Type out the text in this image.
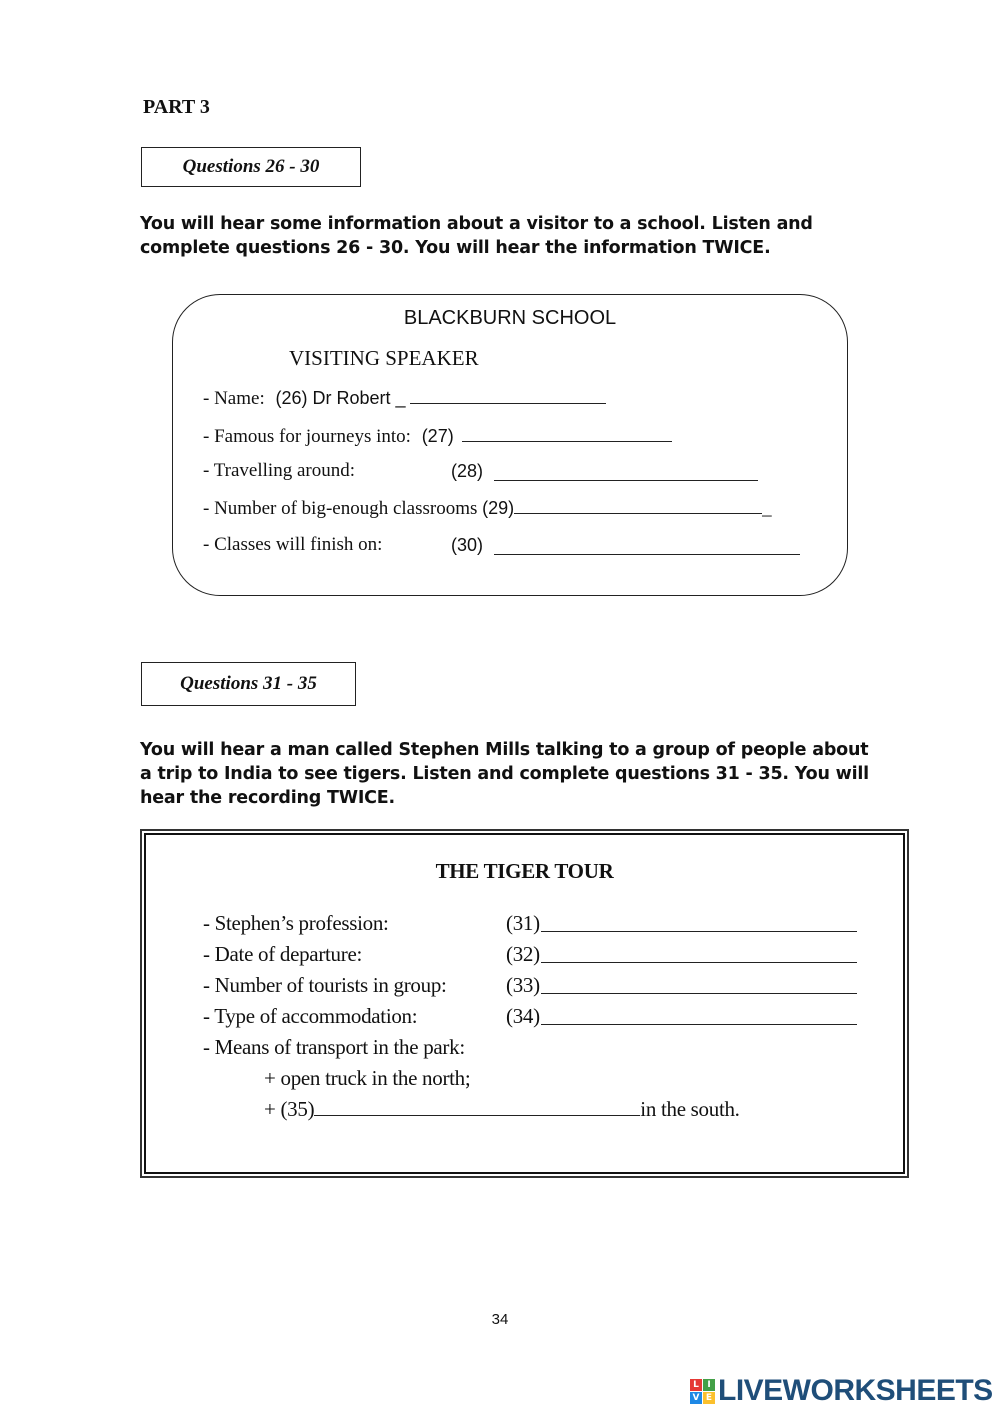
PART 3
Questions 26 - 30
You will hear some information about a visitor to a school. Listen and complete questions 26 - 30. You will hear the information TWICE.
BLACKBURN SCHOOL
VISITING SPEAKER
- Name: (26) Dr Robert _
- Famous for journeys into: (27)
- Travelling around:	(28)
- Number of big-enough classrooms (29)	_
- Classes will finish on:	(30)
Questions 31 - 35
You will hear a man called Stephen Mills talking to a group of people about a trip to India to see tigers. Listen and complete questions 31 - 35. You will hear the recording TWICE.
THE TIGER TOUR
- Stephen’s profession:	(31)
- Date of departure:	(32)
- Number of tourists in group:	(33)
- Type of accommodation:	(34)
- Means of transport in the park:
+ open truck in the north;
+ (35)	in the south.
34
L I
V E LIVEWORKSHEETS
